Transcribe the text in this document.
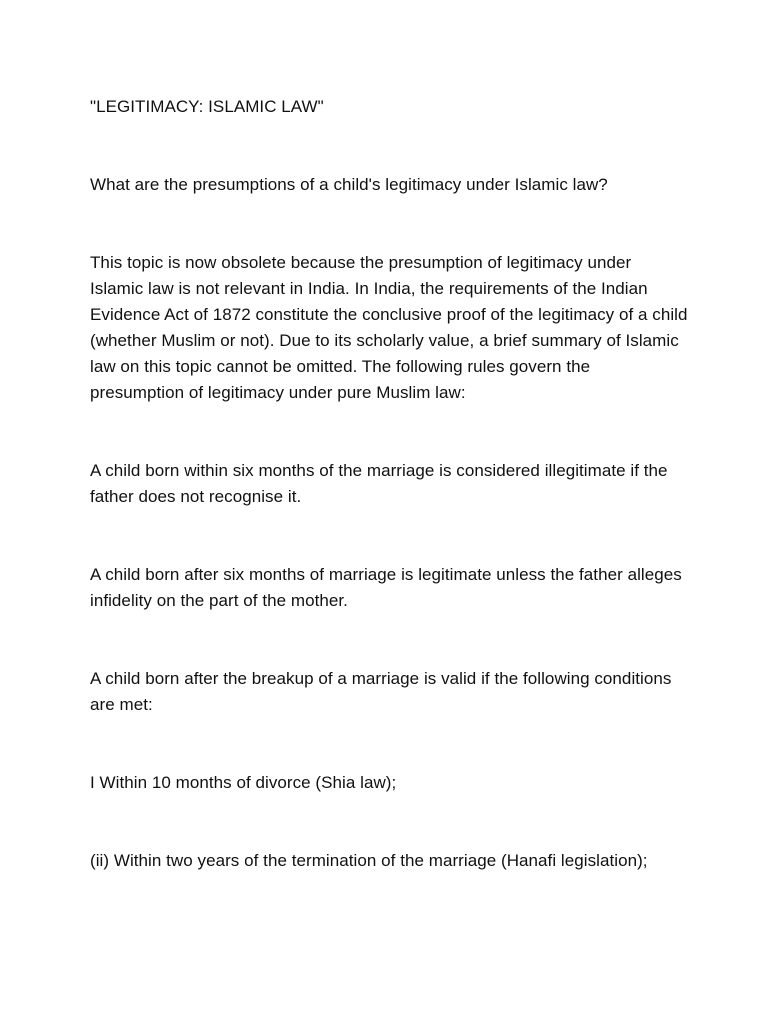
"LEGITIMACY: ISLAMIC LAW"

What are the presumptions of a child's legitimacy under Islamic law?

This topic is now obsolete because the presumption of legitimacy under Islamic law is not relevant in India. In India, the requirements of the Indian Evidence Act of 1872 constitute the conclusive proof of the legitimacy of a child (whether Muslim or not). Due to its scholarly value, a brief summary of Islamic law on this topic cannot be omitted. The following rules govern the presumption of legitimacy under pure Muslim law:

A child born within six months of the marriage is considered illegitimate if the father does not recognise it.

A child born after six months of marriage is legitimate unless the father alleges infidelity on the part of the mother.

A child born after the breakup of a marriage is valid if the following conditions are met:

I Within 10 months of divorce (Shia law);

(ii) Within two years of the termination of the marriage (Hanafi legislation);
